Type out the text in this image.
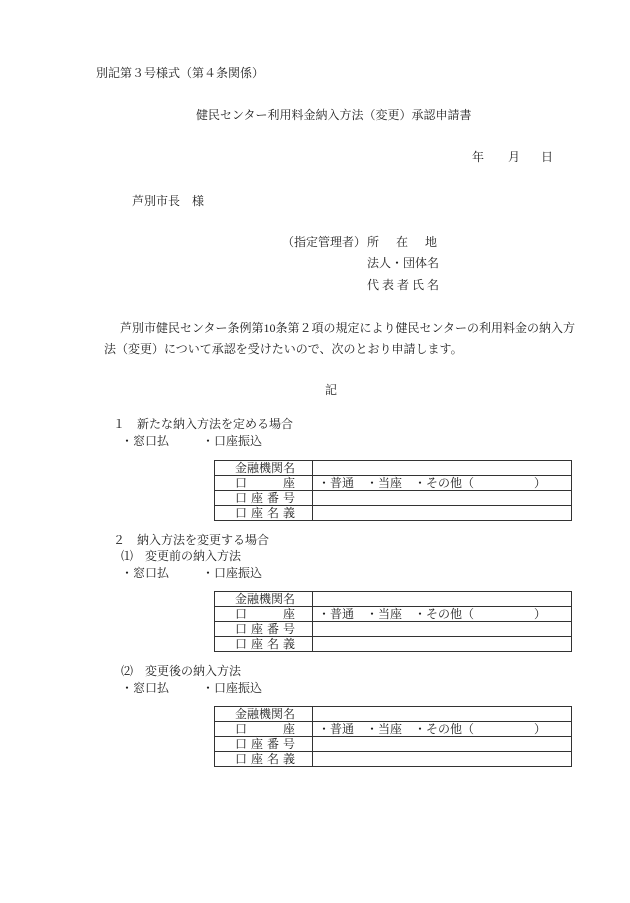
別記第３号様式（第４条関係）
健民センター利用料金納入方法（変更）承認申請書
年 月 日
芦別市長　様
（指定管理者） 所　在　地
法人・団体名
代 表 者 氏 名
芦別市健民センター条例第10条第２項の規定により健民センターの利用料金の納入方
法（変更）について承認を受けたいので、次のとおり申請します。
記
１　新たな納入方法を定める場合
・窓口払	・口座振込
金融機関名	
口　　座	・普通　・当座　・その他（　　　　　）
口 座 番 号	
口 座 名 義	
２　納入方法を変更する場合
⑴　変更前の納入方法
・窓口払	・口座振込
金融機関名	
口　　座	・普通　・当座　・その他（　　　　　）
口 座 番 号	
口 座 名 義	
⑵　変更後の納入方法
・窓口払	・口座振込
金融機関名	
口　　座	・普通　・当座　・その他（　　　　　）
口 座 番 号	
口 座 名 義	
